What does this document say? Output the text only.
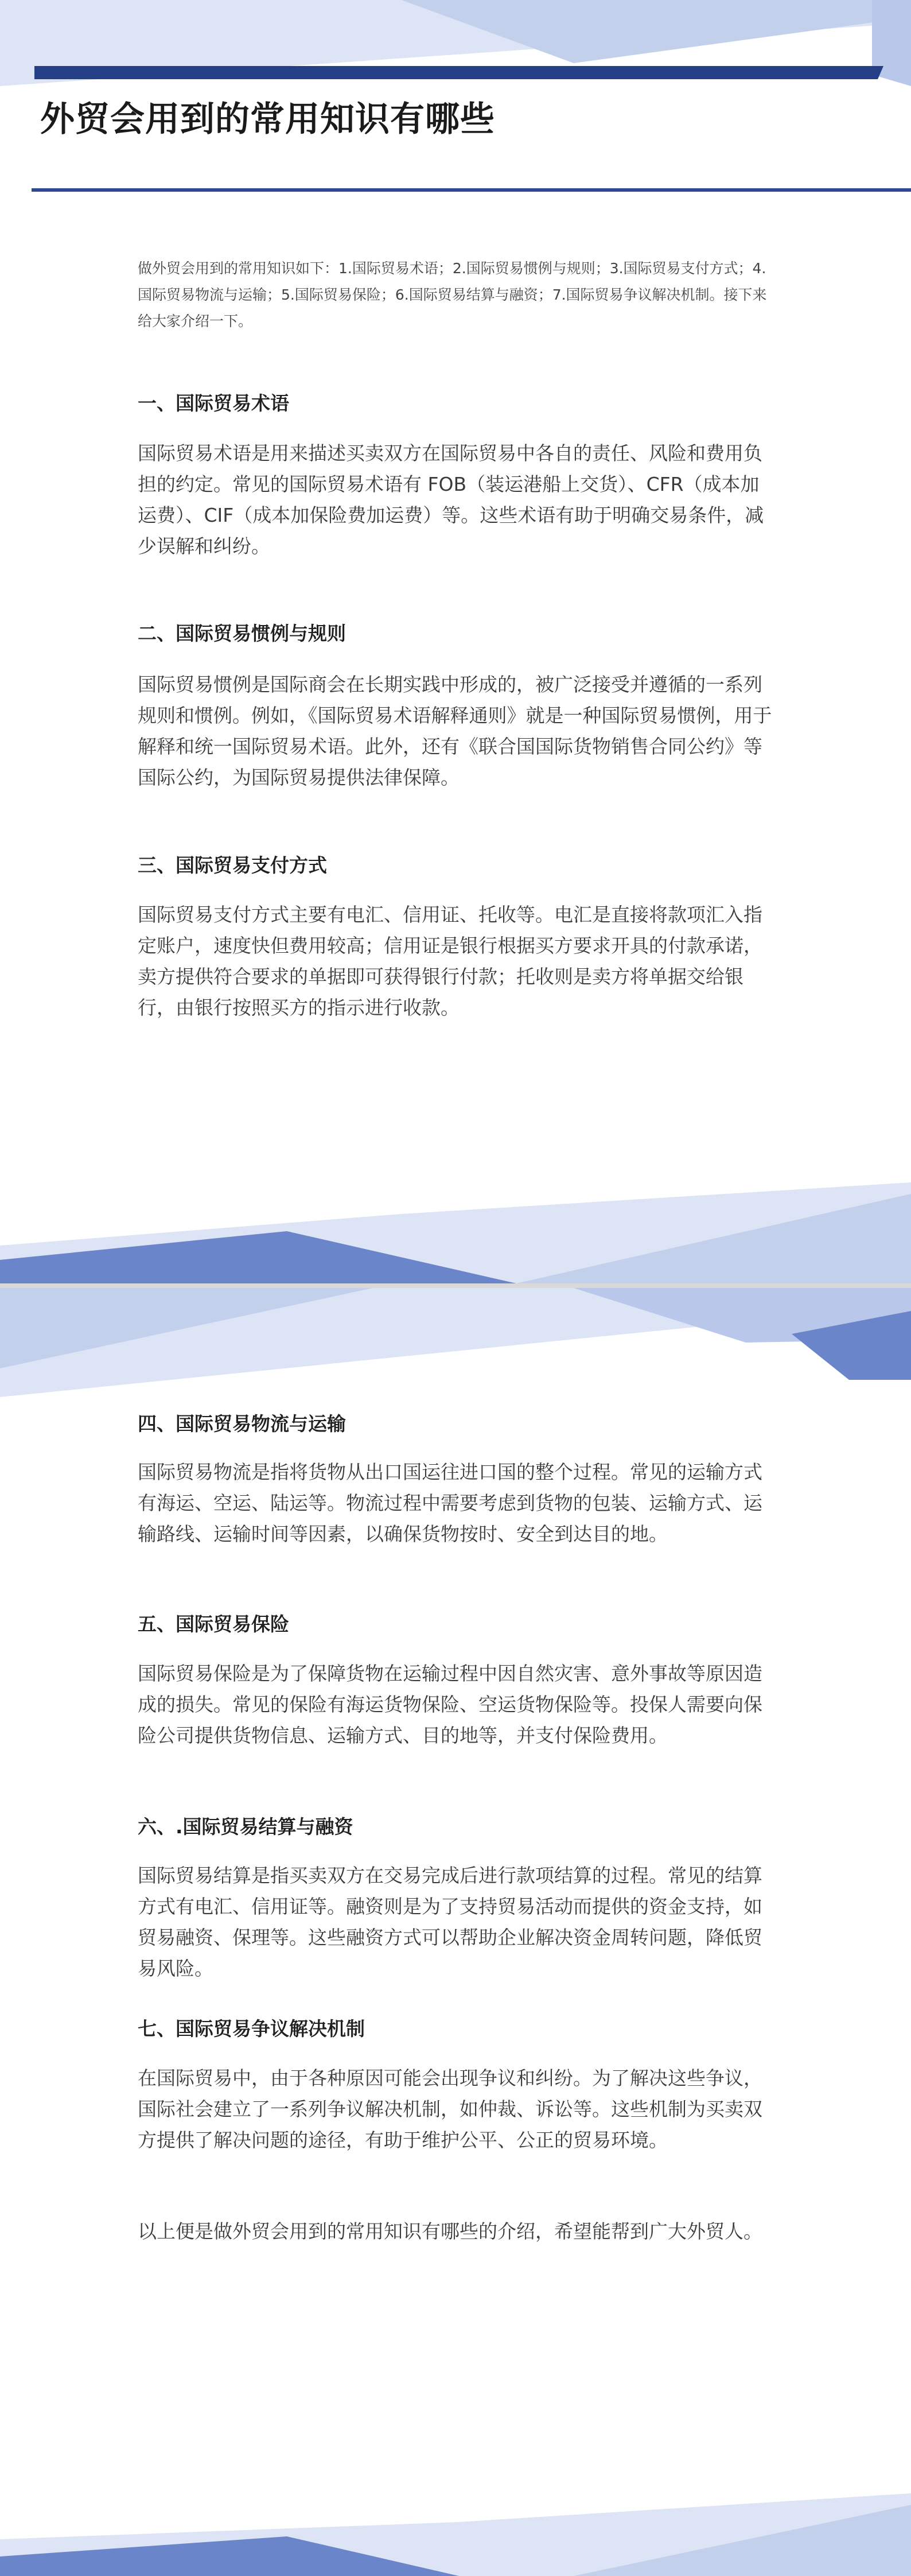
外贸会用到的常用知识有哪些

做外贸会用到的常用知识如下：1.国际贸易术语；2.国际贸易惯例与规则；3.国际贸易支付方式；4.国际贸易物流与运输；5.国际贸易保险；6.国际贸易结算与融资；7.国际贸易争议解决机制。接下来给大家介绍一下。

一、国际贸易术语

国际贸易术语是用来描述买卖双方在国际贸易中各自的责任、风险和费用负担的约定。常见的国际贸易术语有 FOB（装运港船上交货）、CFR（成本加运费）、CIF（成本加保险费加运费）等。这些术语有助于明确交易条件，减少误解和纠纷。

二、国际贸易惯例与规则

国际贸易惯例是国际商会在长期实践中形成的，被广泛接受并遵循的一系列规则和惯例。例如，《国际贸易术语解释通则》就是一种国际贸易惯例，用于解释和统一国际贸易术语。此外，还有《联合国国际货物销售合同公约》等国际公约，为国际贸易提供法律保障。

三、国际贸易支付方式

国际贸易支付方式主要有电汇、信用证、托收等。电汇是直接将款项汇入指定账户，速度快但费用较高；信用证是银行根据买方要求开具的付款承诺，卖方提供符合要求的单据即可获得银行付款；托收则是卖方将单据交给银行，由银行按照买方的指示进行收款。

四、国际贸易物流与运输

国际贸易物流是指将货物从出口国运往进口国的整个过程。常见的运输方式有海运、空运、陆运等。物流过程中需要考虑到货物的包装、运输方式、运输路线、运输时间等因素，以确保货物按时、安全到达目的地。

五、国际贸易保险

国际贸易保险是为了保障货物在运输过程中因自然灾害、意外事故等原因造成的损失。常见的保险有海运货物保险、空运货物保险等。投保人需要向保险公司提供货物信息、运输方式、目的地等，并支付保险费用。

六、.国际贸易结算与融资

国际贸易结算是指买卖双方在交易完成后进行款项结算的过程。常见的结算方式有电汇、信用证等。融资则是为了支持贸易活动而提供的资金支持，如贸易融资、保理等。这些融资方式可以帮助企业解决资金周转问题，降低贸易风险。

七、国际贸易争议解决机制

在国际贸易中，由于各种原因可能会出现争议和纠纷。为了解决这些争议，国际社会建立了一系列争议解决机制，如仲裁、诉讼等。这些机制为买卖双方提供了解决问题的途径，有助于维护公平、公正的贸易环境。

以上便是做外贸会用到的常用知识有哪些的介绍，希望能帮到广大外贸人。
